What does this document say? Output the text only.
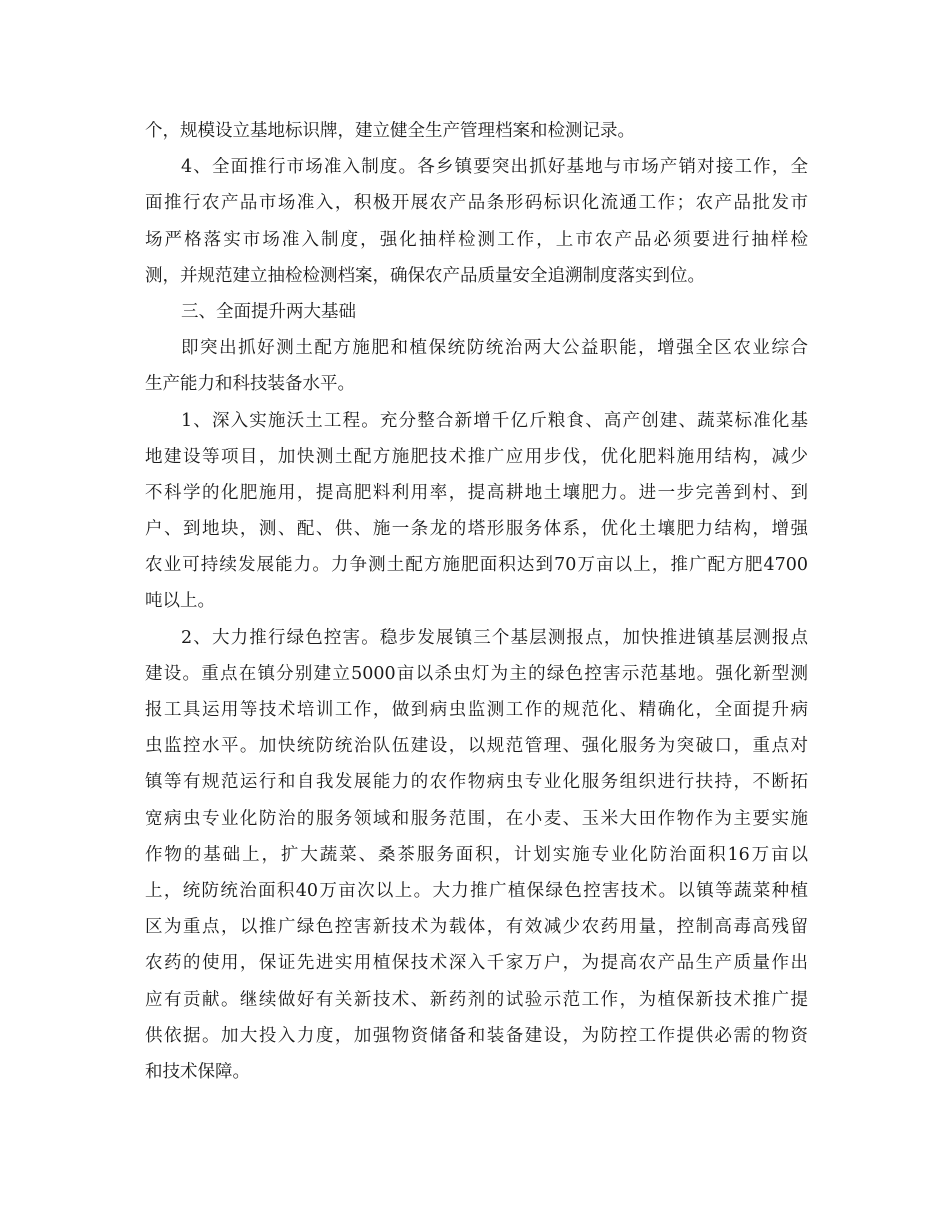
个，规模设立基地标识牌，建立健全生产管理档案和检测记录。
4、全面推行市场准入制度。各乡镇要突出抓好基地与市场产销对接工作，全
面推行农产品市场准入，积极开展农产品条形码标识化流通工作；农产品批发市
场严格落实市场准入制度，强化抽样检测工作，上市农产品必须要进行抽样检
测，并规范建立抽检检测档案，确保农产品质量安全追溯制度落实到位。
三、全面提升两大基础
即突出抓好测土配方施肥和植保统防统治两大公益职能，增强全区农业综合
生产能力和科技装备水平。
1、深入实施沃土工程。充分整合新增千亿斤粮食、高产创建、蔬菜标准化基
地建设等项目，加快测土配方施肥技术推广应用步伐，优化肥料施用结构，减少
不科学的化肥施用，提高肥料利用率，提高耕地土壤肥力。进一步完善到村、到
户、到地块，测、配、供、施一条龙的塔形服务体系，优化土壤肥力结构，增强
农业可持续发展能力。力争测土配方施肥面积达到70万亩以上，推广配方肥4700
吨以上。
2、大力推行绿色控害。稳步发展镇三个基层测报点，加快推进镇基层测报点
建设。重点在镇分别建立5000亩以杀虫灯为主的绿色控害示范基地。强化新型测
报工具运用等技术培训工作，做到病虫监测工作的规范化、精确化，全面提升病
虫监控水平。加快统防统治队伍建设，以规范管理、强化服务为突破口，重点对
镇等有规范运行和自我发展能力的农作物病虫专业化服务组织进行扶持，不断拓
宽病虫专业化防治的服务领域和服务范围，在小麦、玉米大田作物作为主要实施
作物的基础上，扩大蔬菜、桑茶服务面积，计划实施专业化防治面积16万亩以
上，统防统治面积40万亩次以上。大力推广植保绿色控害技术。以镇等蔬菜种植
区为重点，以推广绿色控害新技术为载体，有效减少农药用量，控制高毒高残留
农药的使用，保证先进实用植保技术深入千家万户，为提高农产品生产质量作出
应有贡献。继续做好有关新技术、新药剂的试验示范工作，为植保新技术推广提
供依据。加大投入力度，加强物资储备和装备建设，为防控工作提供必需的物资
和技术保障。
